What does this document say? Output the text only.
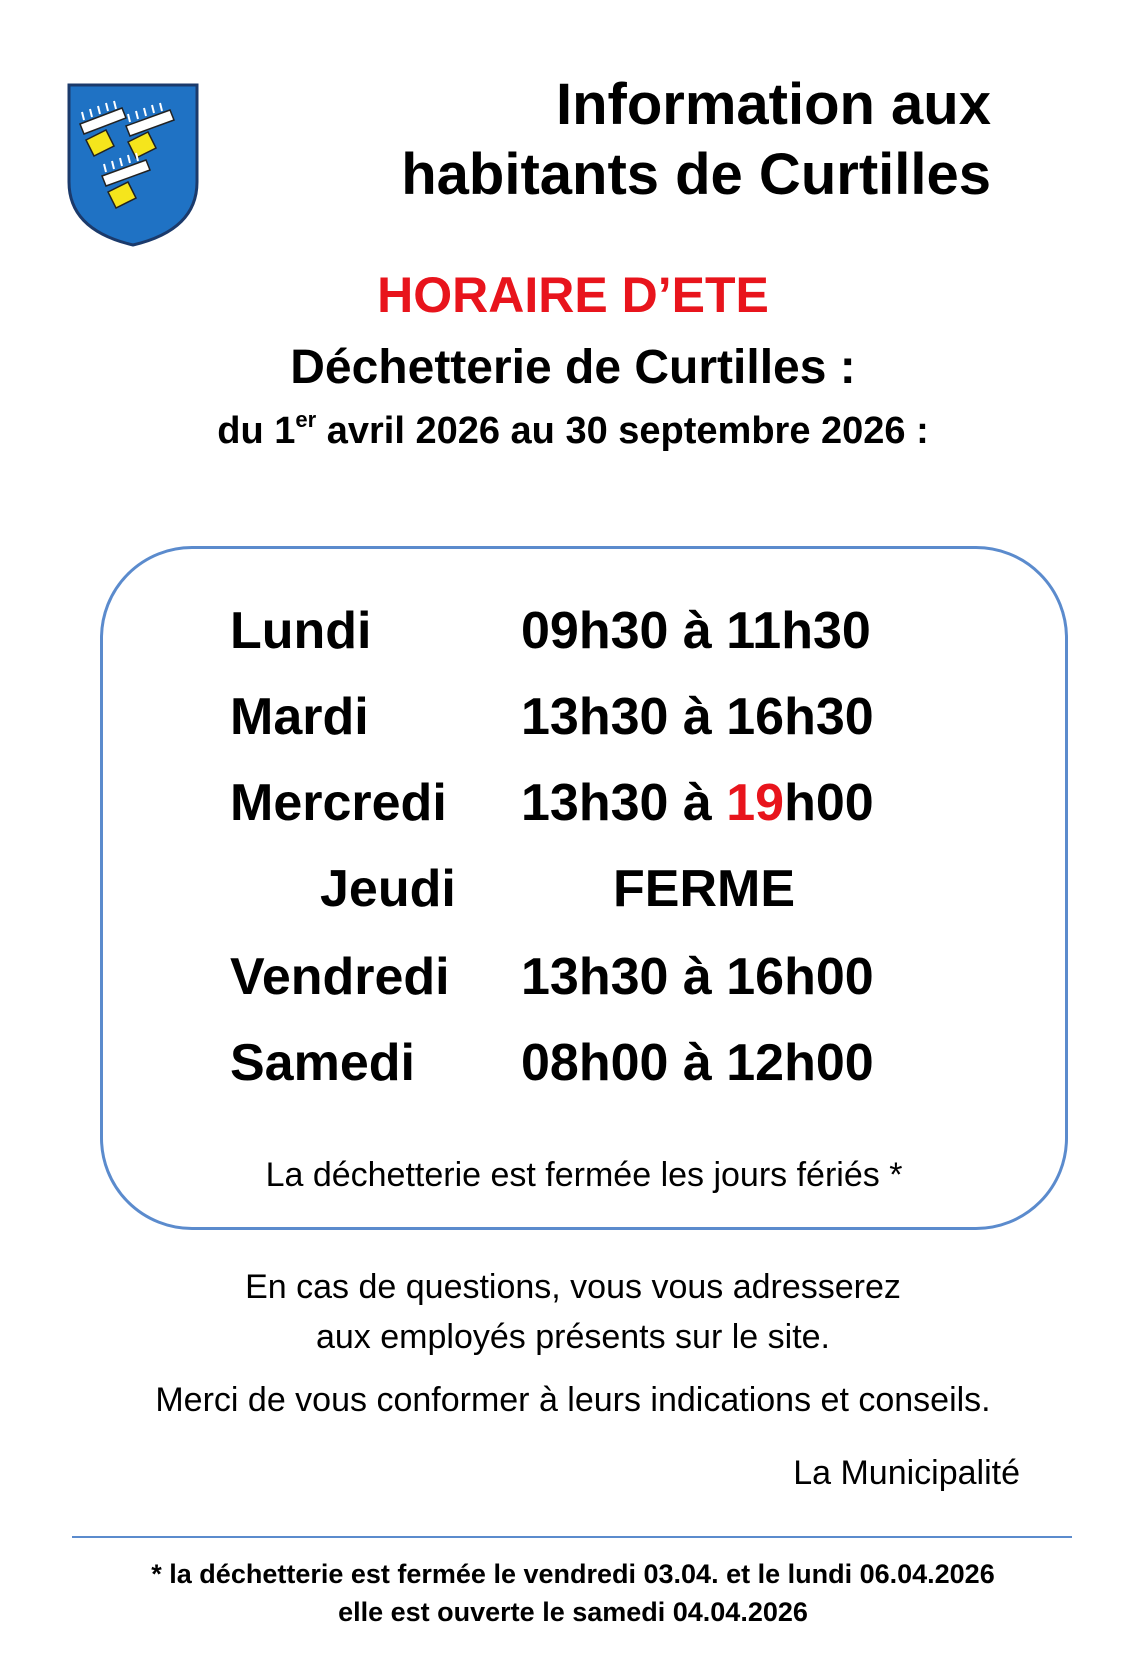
Information aux
habitants de Curtilles
HORAIRE D’ETE
Déchetterie de Curtilles :
du 1er avril 2026 au 30 septembre 2026 :
Lundi	09h30 à 11h30
Mardi	13h30 à 16h30
Mercredi 13h30 à 19h00
Jeudi	FERME
Vendredi 13h30 à 16h00
Samedi 08h00 à 12h00
La déchetterie est fermée les jours fériés *
En cas de questions, vous vous adresserez
aux employés présents sur le site.
Merci de vous conformer à leurs indications et conseils.
La Municipalité
* la déchetterie est fermée le vendredi 03.04. et le lundi 06.04.2026
elle est ouverte le samedi 04.04.2026
